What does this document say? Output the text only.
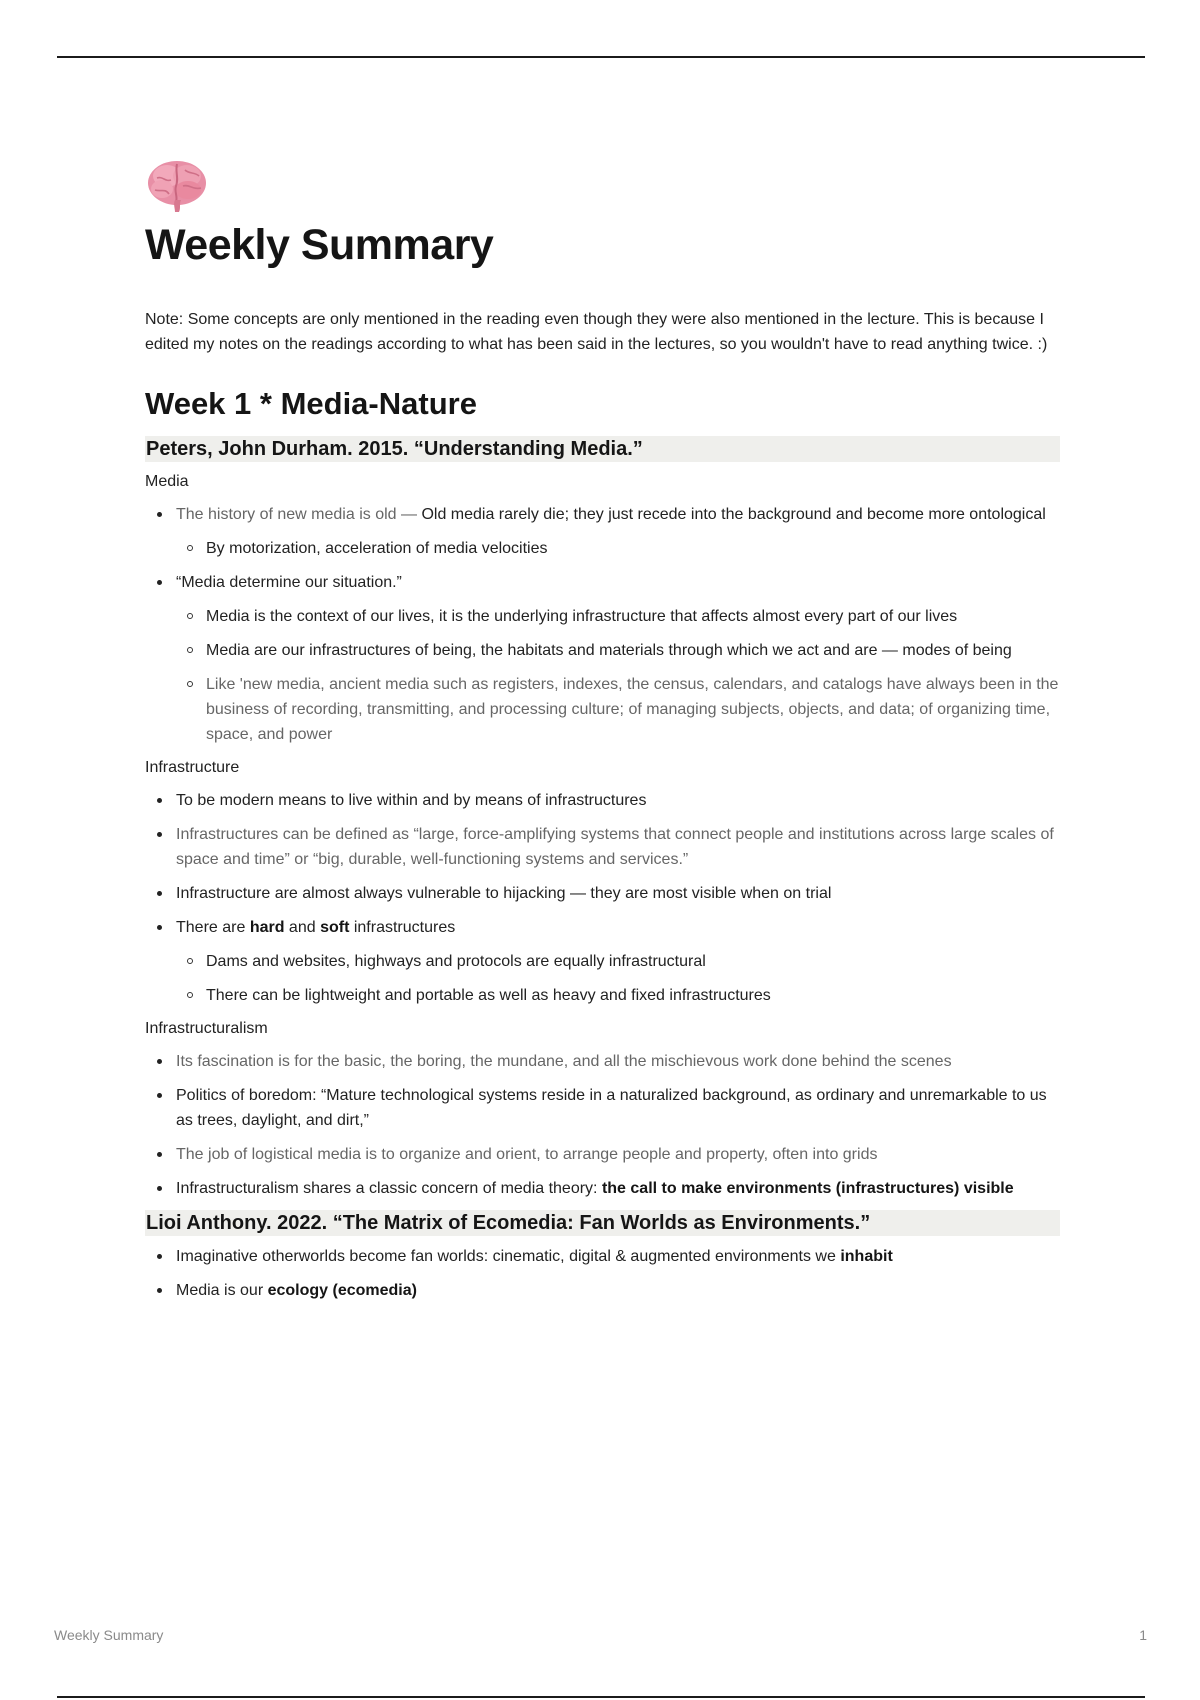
Weekly Summary

Note: Some concepts are only mentioned in the reading even though they were also mentioned in the lecture. This is because I edited my notes on the readings according to what has been said in the lectures, so you wouldn't have to read anything twice. :)

Week 1 * Media-Nature
Peters, John Durham. 2015. “Understanding Media.”
Media
The history of new media is old — Old media rarely die; they just recede into the background and become more ontological
By motorization, acceleration of media velocities
“Media determine our situation.”
Media is the context of our lives, it is the underlying infrastructure that affects almost every part of our lives
Media are our infrastructures of being, the habitats and materials through which we act and are — modes of being
Like 'new media, ancient media such as registers, indexes, the census, calendars, and catalogs have always been in the business of recording, transmitting, and processing culture; of managing subjects, objects, and data; of organizing time, space, and power
Infrastructure
To be modern means to live within and by means of infrastructures
Infrastructures can be defined as “large, force-amplifying systems that connect people and institutions across large scales of space and time” or “big, durable, well-functioning systems and services.”
Infrastructure are almost always vulnerable to hijacking — they are most visible when on trial
There are hard and soft infrastructures
Dams and websites, highways and protocols are equally infrastructural
There can be lightweight and portable as well as heavy and fixed infrastructures
Infrastructuralism
Its fascination is for the basic, the boring, the mundane, and all the mischievous work done behind the scenes
Politics of boredom: “Mature technological systems reside in a naturalized background, as ordinary and unremarkable to us as trees, daylight, and dirt,”
The job of logistical media is to organize and orient, to arrange people and property, often into grids
Infrastructuralism shares a classic concern of media theory: the call to make environments (infrastructures) visible
Lioi Anthony. 2022. “The Matrix of Ecomedia: Fan Worlds as Environments.”
Imaginative otherworlds become fan worlds: cinematic, digital & augmented environments we inhabit
Media is our ecology (ecomedia)
Weekly Summary	1
